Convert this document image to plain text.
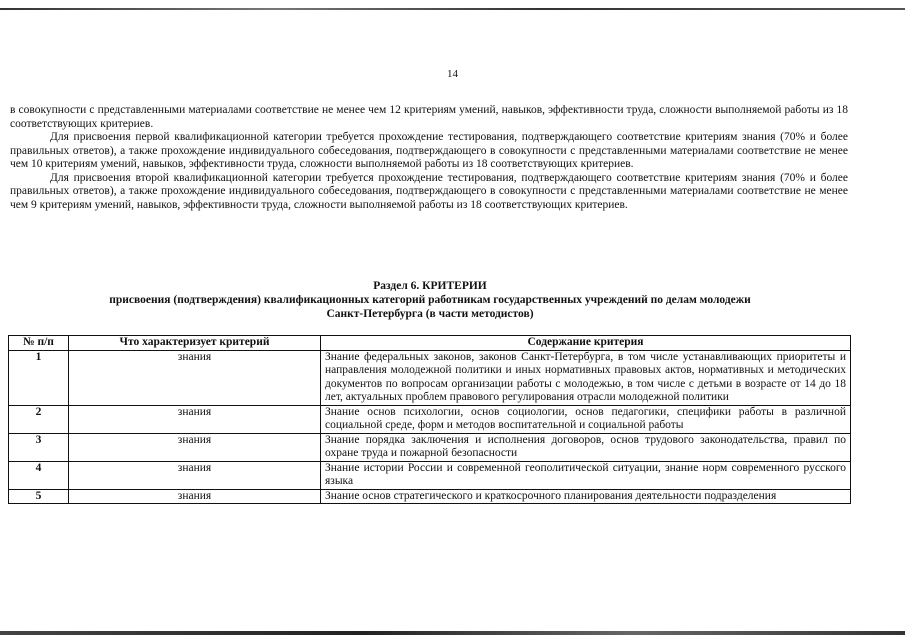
14

в совокупности с представленными материалами соответствие не менее чем 12 критериям умений, навыков, эффективности труда, сложности выполняемой работы из 18 соответствующих критериев.

Для присвоения первой квалификационной категории требуется прохождение тестирования, подтверждающего соответствие критериям знания (70% и более правильных ответов), а также прохождение индивидуального собеседования, подтверждающего в совокупности с представленными материалами соответствие не менее чем 10 критериям умений, навыков, эффективности труда, сложности выполняемой работы из 18 соответствующих критериев.

Для присвоения второй квалификационной категории требуется прохождение тестирования, подтверждающего соответствие критериям знания (70% и более правильных ответов), а также прохождение индивидуального собеседования, подтверждающего в совокупности с представленными материалами соответствие не менее чем 9 критериям умений, навыков, эффективности труда, сложности выполняемой работы из 18 соответствующих критериев.

Раздел 6. КРИТЕРИИ
присвоения (подтверждения) квалификационных категорий работникам государственных учреждений по делам молодежи
Санкт-Петербурга (в части методистов)
№ п/п	Что характеризует критерий	Содержание критерия
1	знания	Знание федеральных законов, законов Санкт-Петербурга, в том числе устанавливающих приоритеты и направления молодежной политики и иных нормативных правовых актов, нормативных и методических документов по вопросам организации работы с молодежью, в том числе с детьми в возрасте от 14 до 18 лет, актуальных проблем правового регулирования отрасли молодежной политики
2	знания	Знание основ психологии, основ социологии, основ педагогики, специфики работы в различной социальной среде, форм и методов воспитательной и социальной работы
3	знания	Знание порядка заключения и исполнения договоров, основ трудового законодательства, правил по охране труда и пожарной безопасности
4	знания	Знание истории России и современной геополитической ситуации, знание норм современного русского языка
5	знания	Знание основ стратегического и краткосрочного планирования деятельности подразделения
